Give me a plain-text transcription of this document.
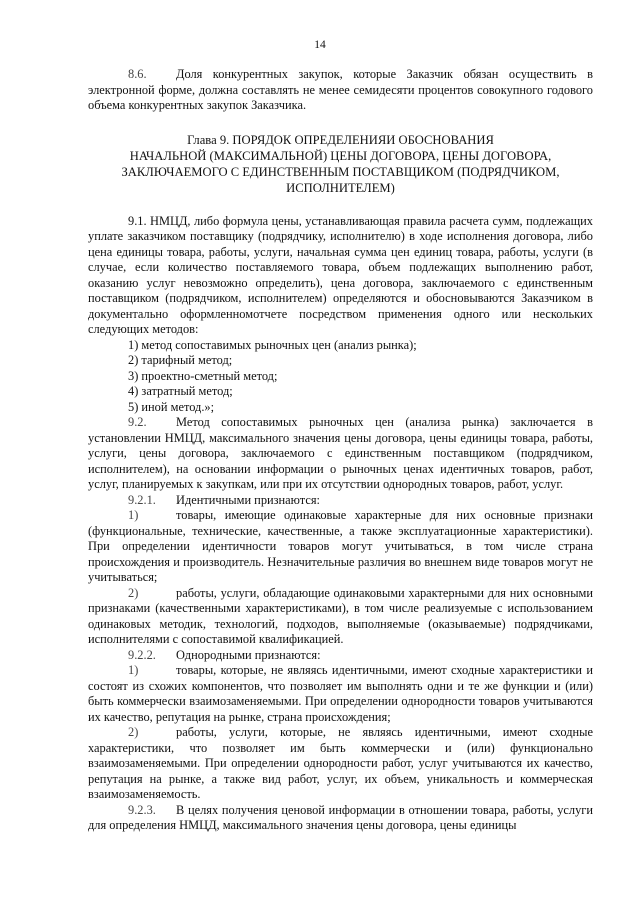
14

8.6. Доля конкурентных закупок, которые Заказчик обязан осуществить в электронной форме, должна составлять не менее семидесяти процентов совокупного годового объема конкурентных закупок Заказчика.

Глава 9. ПОРЯДОК ОПРЕДЕЛЕНИЯИ ОБОСНОВАНИЯ
НАЧАЛЬНОЙ (МАКСИМАЛЬНОЙ) ЦЕНЫ ДОГОВОРА, ЦЕНЫ ДОГОВОРА,
ЗАКЛЮЧАЕМОГО С ЕДИНСТВЕННЫМ ПОСТАВЩИКОМ (ПОДРЯДЧИКОМ,
ИСПОЛНИТЕЛЕМ)

9.1. НМЦД, либо формула цены, устанавливающая правила расчета сумм, подлежащих уплате заказчиком поставщику (подрядчику, исполнителю) в ходе исполнения договора, либо цена единицы товара, работы, услуги, начальная сумма цен единиц товара, работы, услуги (в случае, если количество поставляемого товара, объем подлежащих выполнению работ, оказанию услуг невозможно определить), цена договора, заключаемого с единственным поставщиком (подрядчиком, исполнителем) определяются и обосновываются Заказчиком в документально оформленномотчете посредством применения одного или нескольких следующих методов:

1) метод сопоставимых рыночных цен (анализ рынка);

2) тарифный метод;

3) проектно-сметный метод;

4) затратный метод;

5) иной метод.»;

9.2. Метод сопоставимых рыночных цен (анализа рынка) заключается в установлении НМЦД, максимального значения цены договора, цены единицы товара, работы, услуги, цены договора, заключаемого с единственным поставщиком (подрядчиком, исполнителем), на основании информации о рыночных ценах идентичных товаров, работ, услуг, планируемых к закупкам, или при их отсутствии однородных товаров, работ, услуг.

9.2.1. Идентичными признаются:

1)	товары, имеющие одинаковые характерные для них основные признаки (функциональные, технические, качественные, а также эксплуатационные характеристики). При определении идентичности товаров могут учитываться, в том числе страна происхождения и производитель. Незначительные различия во внешнем виде товаров могут не учитываться;

2)	работы, услуги, обладающие одинаковыми характерными для них основными признаками (качественными характеристиками), в том числе реализуемые с использованием одинаковых методик, технологий, подходов, выполняемые (оказываемые) подрядчиками, исполнителями с сопоставимой квалификацией.

9.2.2. Однородными признаются:

1)	товары, которые, не являясь идентичными, имеют сходные характеристики и состоят из схожих компонентов, что позволяет им выполнять одни и те же функции и (или) быть коммерчески взаимозаменяемыми. При определении однородности товаров учитываются их качество, репутация на рынке, страна происхождения;

2)	работы, услуги, которые, не являясь идентичными, имеют сходные характеристики, что позволяет им быть коммерчески и (или) функционально взаимозаменяемыми. При определении однородности работ, услуг учитываются их качество, репутация на рынке, а также вид работ, услуг, их объем, уникальность и коммерческая взаимозаменяемость.

9.2.3. В целях получения ценовой информации в отношении товара, работы, услуги для определения НМЦД, максимального значения цены договора, цены единицы
